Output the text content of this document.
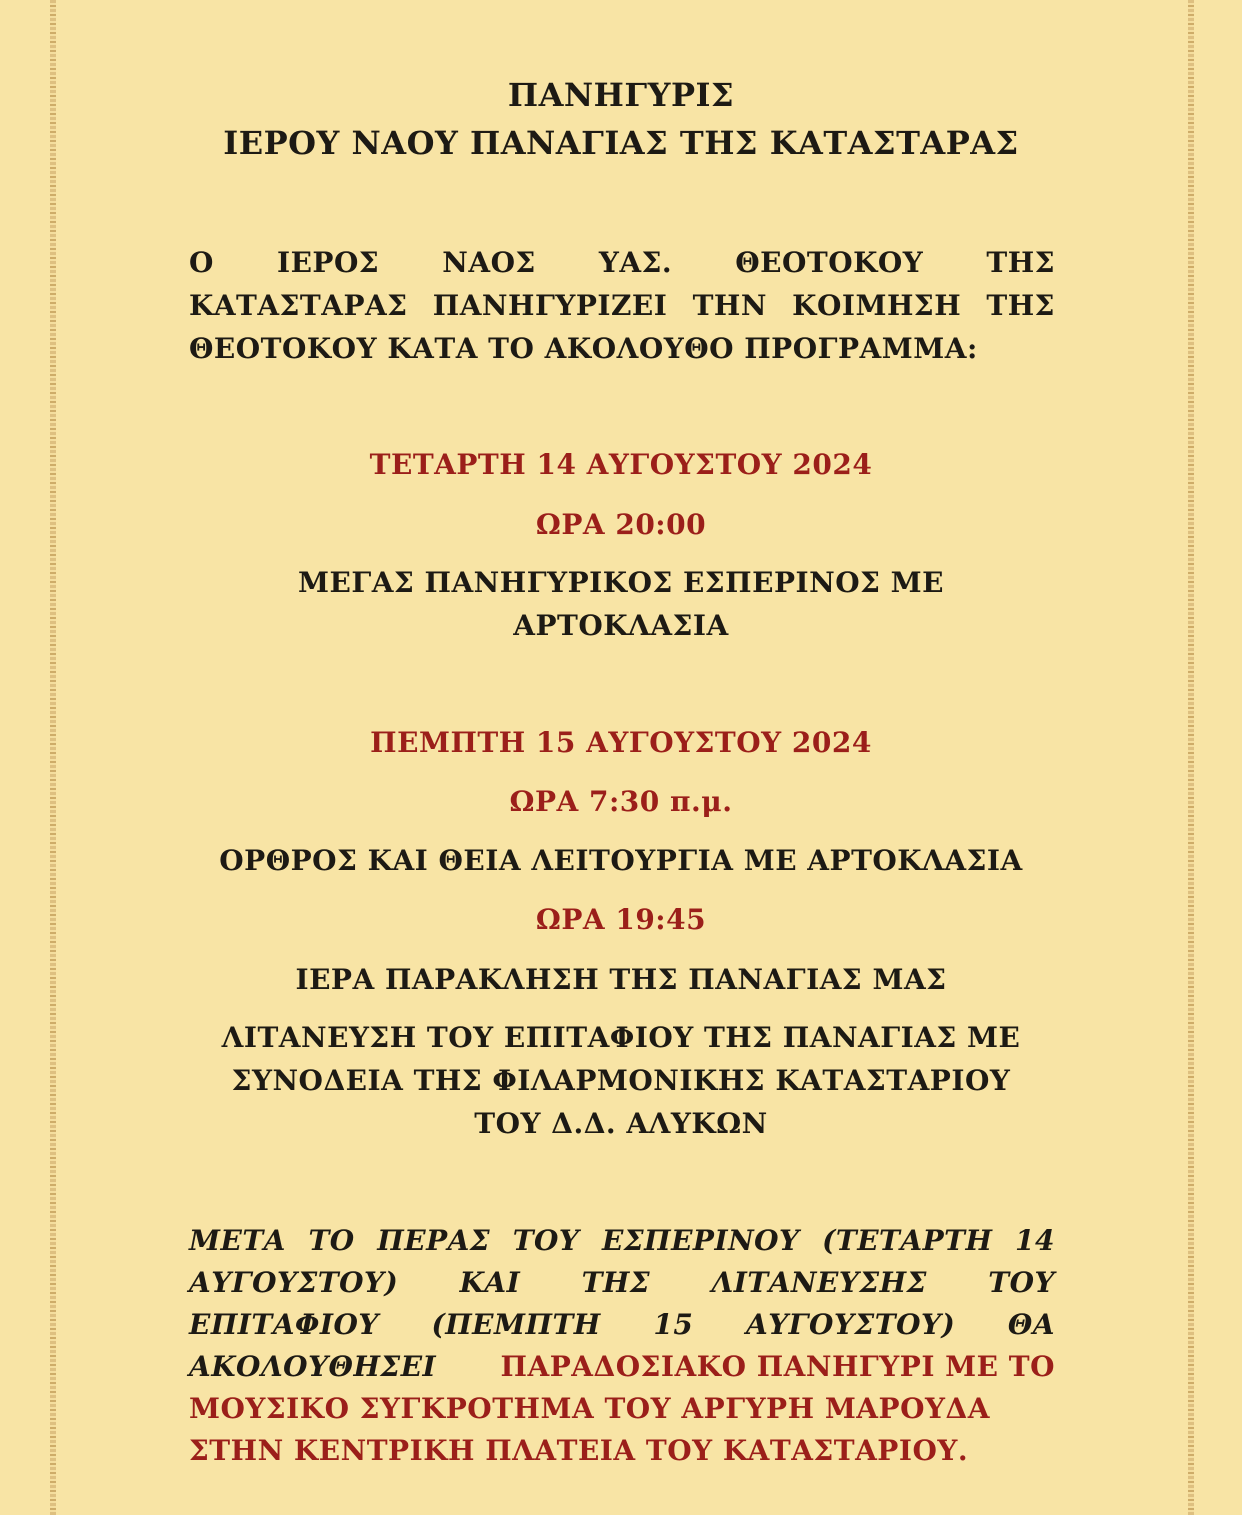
ΠΑΝΗΓΥΡΙΣ
ΙΕΡΟΥ ΝΑΟΥ ΠΑΝΑΓΙΑΣ ΤΗΣ ΚΑΤΑΣΤΑΡΑΣ
Ο ΙΕΡΟΣ ΝΑΟΣ ΥΑΣ. ΘΕΟΤΟΚΟΥ ΤΗΣ
ΚΑΤΑΣΤΑΡΑΣ ΠΑΝΗΓΥΡΙΖΕΙ ΤΗΝ ΚΟΙΜΗΣΗ ΤΗΣ
ΘΕΟΤΟΚΟΥ ΚΑΤΑ ΤΟ ΑΚΟΛΟΥΘΟ ΠΡΟΓΡΑΜΜΑ:
ΤΕΤΑΡΤΗ 14 ΑΥΓΟΥΣΤΟΥ 2024
ΩΡΑ 20:00
ΜΕΓΑΣ ΠΑΝΗΓΥΡΙΚΟΣ ΕΣΠΕΡΙΝΟΣ ΜΕ
ΑΡΤΟΚΛΑΣΙΑ
ΠΕΜΠΤΗ 15 ΑΥΓΟΥΣΤΟΥ 2024
ΩΡΑ 7:30 π.μ.
ΟΡΘΡΟΣ ΚΑΙ ΘΕΙΑ ΛΕΙΤΟΥΡΓΙΑ ΜΕ ΑΡΤΟΚΛΑΣΙΑ
ΩΡΑ 19:45
ΙΕΡΑ ΠΑΡΑΚΛΗΣΗ ΤΗΣ ΠΑΝΑΓΙΑΣ ΜΑΣ
ΛΙΤΑΝΕΥΣΗ ΤΟΥ ΕΠΙΤΑΦΙΟΥ ΤΗΣ ΠΑΝΑΓΙΑΣ ΜΕ
ΣΥΝΟΔΕΙΑ ΤΗΣ ΦΙΛΑΡΜΟΝΙΚΗΣ ΚΑΤΑΣΤΑΡΙΟΥ
ΤΟΥ Δ.Δ. ΑΛΥΚΩΝ
ΜΕΤΑ ΤΟ ΠΕΡΑΣ ΤΟΥ ΕΣΠΕΡΙΝΟΥ (ΤΕΤΑΡΤΗ 14
ΑΥΓΟΥΣΤΟΥ) ΚΑΙ ΤΗΣ ΛΙΤΑΝΕΥΣΗΣ ΤΟΥ
ΕΠΙΤΑΦΙΟΥ (ΠΕΜΠΤΗ 15 ΑΥΓΟΥΣΤΟΥ) ΘΑ
ΑΚΟΛΟΥΘΗΣΕΙ ΠΑΡΑΔΟΣΙΑΚΟ ΠΑΝΗΓΥΡΙ ΜΕ ΤΟ
ΜΟΥΣΙΚΟ ΣΥΓΚΡΟΤΗΜΑ ΤΟΥ ΑΡΓΥΡΗ ΜΑΡΟΥΔΑ
ΣΤΗΝ ΚΕΝΤΡΙΚΗ ΠΛΑΤΕΙΑ ΤΟΥ ΚΑΤΑΣΤΑΡΙΟΥ.
